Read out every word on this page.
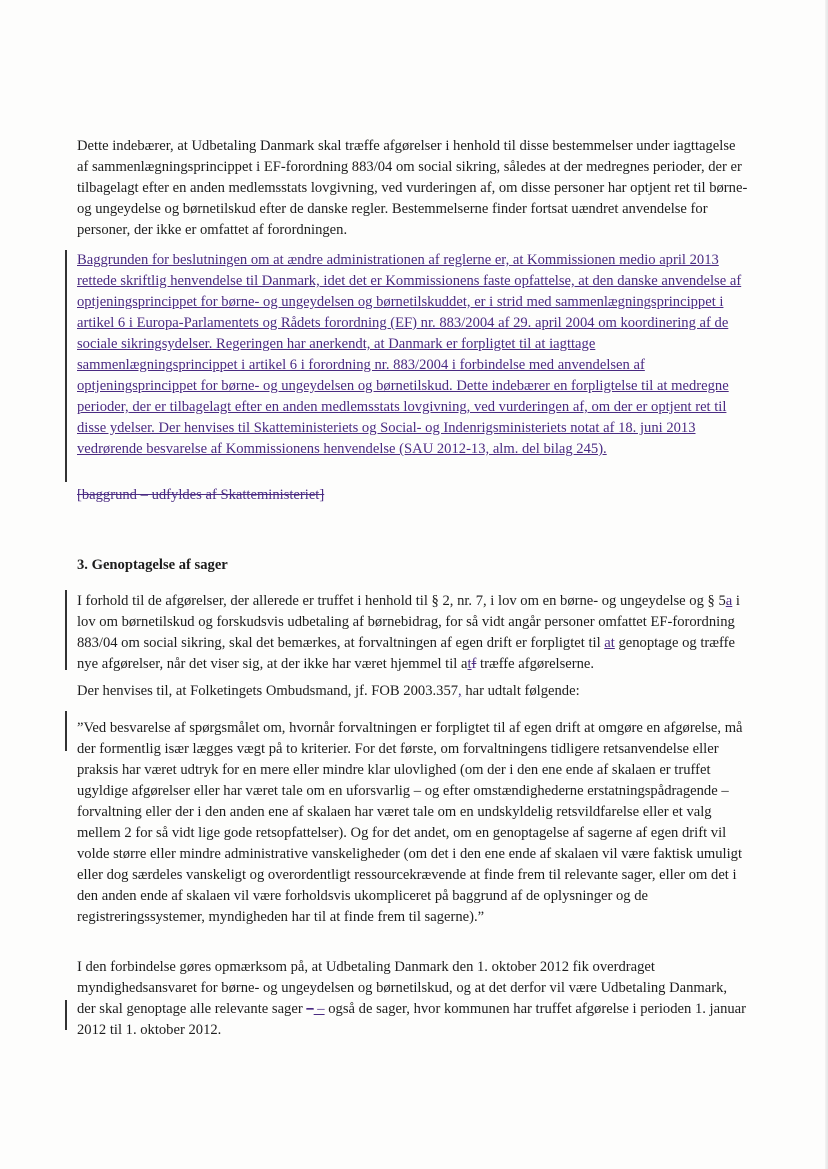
Dette indebærer, at Udbetaling Danmark skal træffe afgørelser i henhold til disse bestemmelser under iagttagelse af sammenlægningsprincippet i EF-forordning 883/04 om social sikring, således at der medregnes perioder, der er tilbagelagt efter en anden medlemsstats lovgivning, ved vurderingen af, om disse personer har optjent ret til børne- og ungeydelse og børnetilskud efter de danske regler. Bestemmelserne finder fortsat uændret anvendelse for personer, der ikke er omfattet af forordningen.

Baggrunden for beslutningen om at ændre administrationen af reglerne er, at Kommissionen medio april 2013 rettede skriftlig henvendelse til Danmark, idet det er Kommissionens faste opfattelse, at den danske anvendelse af optjeningsprincippet for børne- og ungeydelsen og børnetilskuddet, er i strid med sammenlægningsprincippet i artikel 6 i Europa-Parlamentets og Rådets forordning (EF) nr. 883/2004 af 29. april 2004 om koordinering af de sociale sikringsydelser. Regeringen har anerkendt, at Danmark er forpligtet til at iagttage sammenlægningsprincippet i artikel 6 i forordning nr. 883/2004 i forbindelse med anvendelsen af optjeningsprincippet for børne- og ungeydelsen og børnetilskud. Dette indebærer en forpligtelse til at medregne perioder, der er tilbagelagt efter en anden medlemsstats lovgivning, ved vurderingen af, om der er optjent ret til disse ydelser. Der henvises til Skatteministeriets og Social- og Indenrigsministeriets notat af 18. juni 2013 vedrørende besvarelse af Kommissionens henvendelse (SAU 2012-13, alm. del bilag 245).

[baggrund – udfyldes af Skatteministeriet]

3. Genoptagelse af sager

I forhold til de afgørelser, der allerede er truffet i henhold til § 2, nr. 7, i lov om en børne- og ungeydelse og § 5a i lov om børnetilskud og forskudsvis udbetaling af børnebidrag, for så vidt angår personer omfattet EF-forordning 883/04 om social sikring, skal det bemærkes, at forvaltningen af egen drift er forpligtet til at genoptage og træffe nye afgørelser, når det viser sig, at der ikke har været hjemmel til atf træffe afgørelserne.

Der henvises til, at Folketingets Ombudsmand, jf. FOB 2003.357, har udtalt følgende:

”Ved besvarelse af spørgsmålet om, hvornår forvaltningen er forpligtet til af egen drift at omgøre en afgørelse, må der formentlig især lægges vægt på to kriterier. For det første, om forvaltningens tidligere retsanvendelse eller praksis har været udtryk for en mere eller mindre klar ulovlighed (om der i den ene ende af skalaen er truffet ugyldige afgørelser eller har været tale om en uforsvarlig – og efter omstændighederne erstatningspådragende – forvaltning eller der i den anden ene af skalaen har været tale om en undskyldelig retsvildfarelse eller et valg mellem 2 for så vidt lige gode retsopfattelser). Og for det andet, om en genoptagelse af sagerne af egen drift vil volde større eller mindre administrative vanskeligheder (om det i den ene ende af skalaen vil være faktisk umuligt eller dog særdeles vanskeligt og overordentligt ressourcekrævende at finde frem til relevante sager, eller om det i den anden ende af skalaen vil være forholdsvis ukompliceret på baggrund af de oplysninger og de registreringssystemer, myndigheden har til at finde frem til sagerne).”

I den forbindelse gøres opmærksom på, at Udbetaling Danmark den 1. oktober 2012 fik overdraget myndighedsansvaret for børne- og ungeydelsen og børnetilskud, og at det derfor vil være Udbetaling Danmark, der skal genoptage alle relevante sager – – også de sager, hvor kommunen har truffet afgørelse i perioden 1. januar 2012 til 1. oktober 2012.
